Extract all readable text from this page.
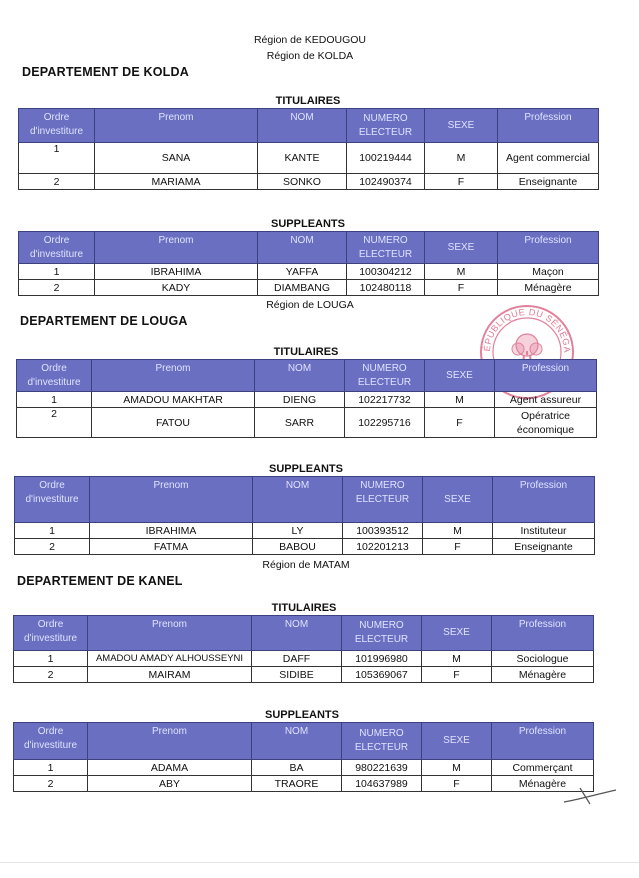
Région de KEDOUGOU
Région de KOLDA
DEPARTEMENT DE KOLDA
TITULAIRES
Ordre d'investiture	Prenom	NOM	NUMERO ELECTEUR	SEXE	Profession
1	SANA	KANTE	100219444	M	Agent commercial
2	MARIAMA	SONKO	102490374	F	Enseignante
SUPPLEANTS
Ordre d'investiture	Prenom	NOM	NUMERO ELECTEUR	SEXE	Profession
1	IBRAHIMA	YAFFA	100304212	M	Maçon
2	KADY	DIAMBANG	102480118	F	Ménagère
Région de LOUGA
DEPARTEMENT DE LOUGA
ÉPUBLIQUE DU SÉNÉGA
TITULAIRES
Ordre d'investiture	Prenom	NOM	NUMERO ELECTEUR	SEXE	Profession
1	AMADOU MAKHTAR	DIENG	102217732	M	Agent assureur
2	FATOU	SARR	102295716	F	Opératrice économique
SUPPLEANTS
Ordre d'investiture	Prenom	NOM	NUMERO ELECTEUR	SEXE	Profession
1	IBRAHIMA	LY	100393512	M	Instituteur
2	FATMA	BABOU	102201213	F	Enseignante
Région de MATAM
DEPARTEMENT DE KANEL
TITULAIRES
Ordre d'investiture	Prenom	NOM	NUMERO ELECTEUR	SEXE	Profession
1	AMADOU AMADY ALHOUSSEYNI	DAFF	101996980	M	Sociologue
2	MAIRAM	SIDIBE	105369067	F	Ménagère
SUPPLEANTS
Ordre d'investiture	Prenom	NOM	NUMERO ELECTEUR	SEXE	Profession
1	ADAMA	BA	980221639	M	Commerçant
2	ABY	TRAORE	104637989	F	Ménagère
